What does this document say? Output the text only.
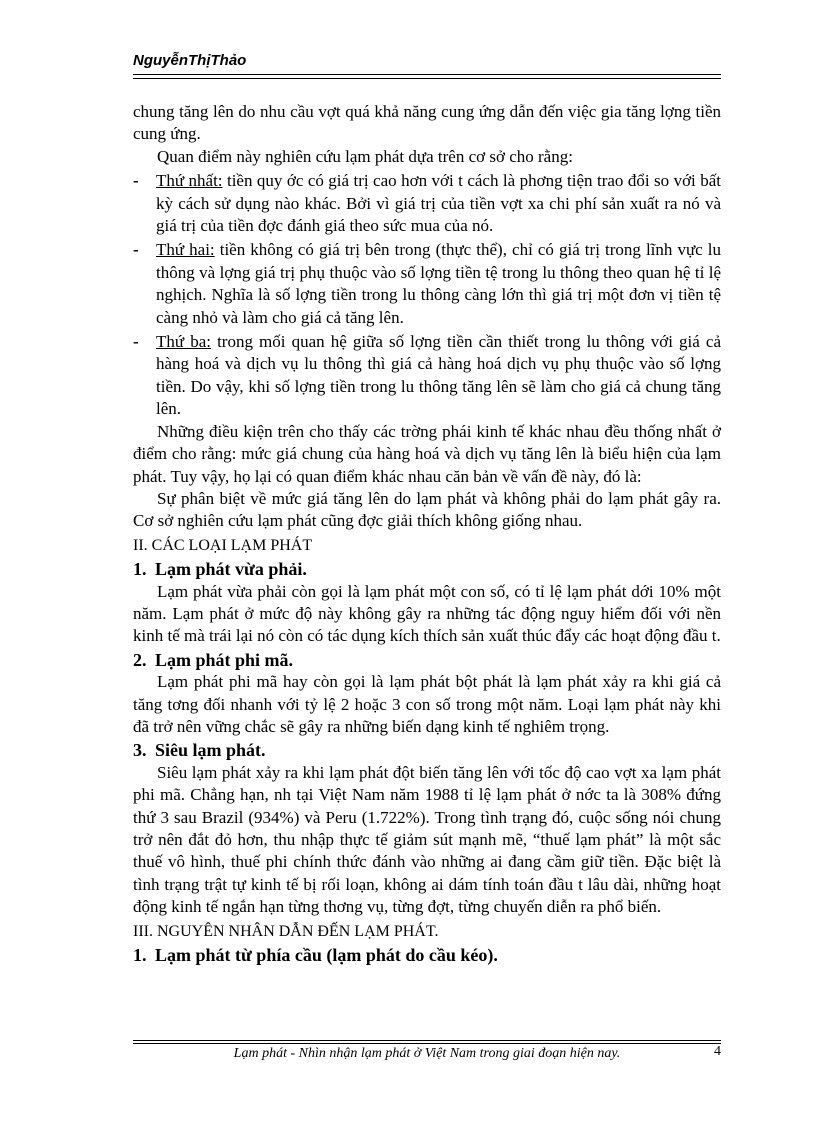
NguyễnThịThảo

chung tăng lên do nhu cầu vợt quá khả năng cung ứng dẫn đến việc gia tăng lợng tiền cung ứng.

Quan điểm này nghiên cứu lạm phát dựa trên cơ sở cho rằng:

- Thứ nhất: tiền quy ớc có giá trị cao hơn với t cách là phơng tiện trao đổi so với bất kỳ cách sử dụng nào khác. Bởi vì giá trị của tiền vợt xa chi phí sản xuất ra nó và giá trị của tiền đợc đánh giá theo sức mua của nó.

- Thứ hai: tiền không có giá trị bên trong (thực thể), chỉ có giá trị trong lĩnh vực lu thông và lợng giá trị phụ thuộc vào số lợng tiền tệ trong lu thông theo quan hệ tỉ lệ nghịch. Nghĩa là số lợng tiền trong lu thông càng lớn thì giá trị một đơn vị tiền tệ càng nhỏ và làm cho giá cả tăng lên.

- Thứ ba: trong mối quan hệ giữa số lợng tiền cần thiết trong lu thông với giá cả hàng hoá và dịch vụ lu thông thì giá cả hàng hoá dịch vụ phụ thuộc vào số lợng tiền. Do vậy, khi số lợng tiền trong lu thông tăng lên sẽ làm cho giá cả chung tăng lên.

Những điều kiện trên cho thấy các trờng phái kinh tế khác nhau đều thống nhất ở điểm cho rằng: mức giá chung của hàng hoá và dịch vụ tăng lên là biểu hiện của lạm phát. Tuy vậy, họ lại có quan điểm khác nhau căn bản về vấn đề này, đó là:

Sự phân biệt về mức giá tăng lên do lạm phát và không phải do lạm phát gây ra. Cơ sở nghiên cứu lạm phát cũng đợc giải thích không giống nhau.

II. CÁC LOẠI LẠM PHÁT

1. Lạm phát vừa phải.

Lạm phát vừa phải còn gọi là lạm phát một con số, có tỉ lệ lạm phát dới 10% một năm. Lạm phát ở mức độ này không gây ra những tác động nguy hiểm đối với nền kinh tế mà trái lại nó còn có tác dụng kích thích sản xuất thúc đẩy các hoạt động đầu t.

2. Lạm phát phi mã.

Lạm phát phi mã hay còn gọi là lạm phát bột phát là lạm phát xảy ra khi giá cả tăng tơng đối nhanh với tỷ lệ 2 hoặc 3 con số trong một năm. Loại lạm phát này khi đã trở nên vững chắc sẽ gây ra những biến dạng kinh tế nghiêm trọng.

3. Siêu lạm phát.

Siêu lạm phát xảy ra khi lạm phát đột biến tăng lên với tốc độ cao vợt xa lạm phát phi mã. Chẳng hạn, nh tại Việt Nam năm 1988 tỉ lệ lạm phát ở nớc ta là 308% đứng thứ 3 sau Brazil (934%) và Peru (1.722%). Trong tình trạng đó, cuộc sống nói chung trở nên đắt đỏ hơn, thu nhập thực tế giảm sút mạnh mẽ, “thuế lạm phát” là một sắc thuế vô hình, thuế phi chính thức đánh vào những ai đang cầm giữ tiền. Đặc biệt là tình trạng trật tự kinh tế bị rối loạn, không ai dám tính toán đầu t lâu dài, những hoạt động kinh tế ngắn hạn từng thơng vụ, từng đợt, từng chuyến diễn ra phổ biến.

III. NGUYÊN NHÂN DẪN ĐẾN LẠM PHÁT.

1. Lạm phát từ phía cầu (lạm phát do cầu kéo).

Lạm phát - Nhìn nhận lạm phát ở Việt Nam trong giai đoạn hiện nay.	4
